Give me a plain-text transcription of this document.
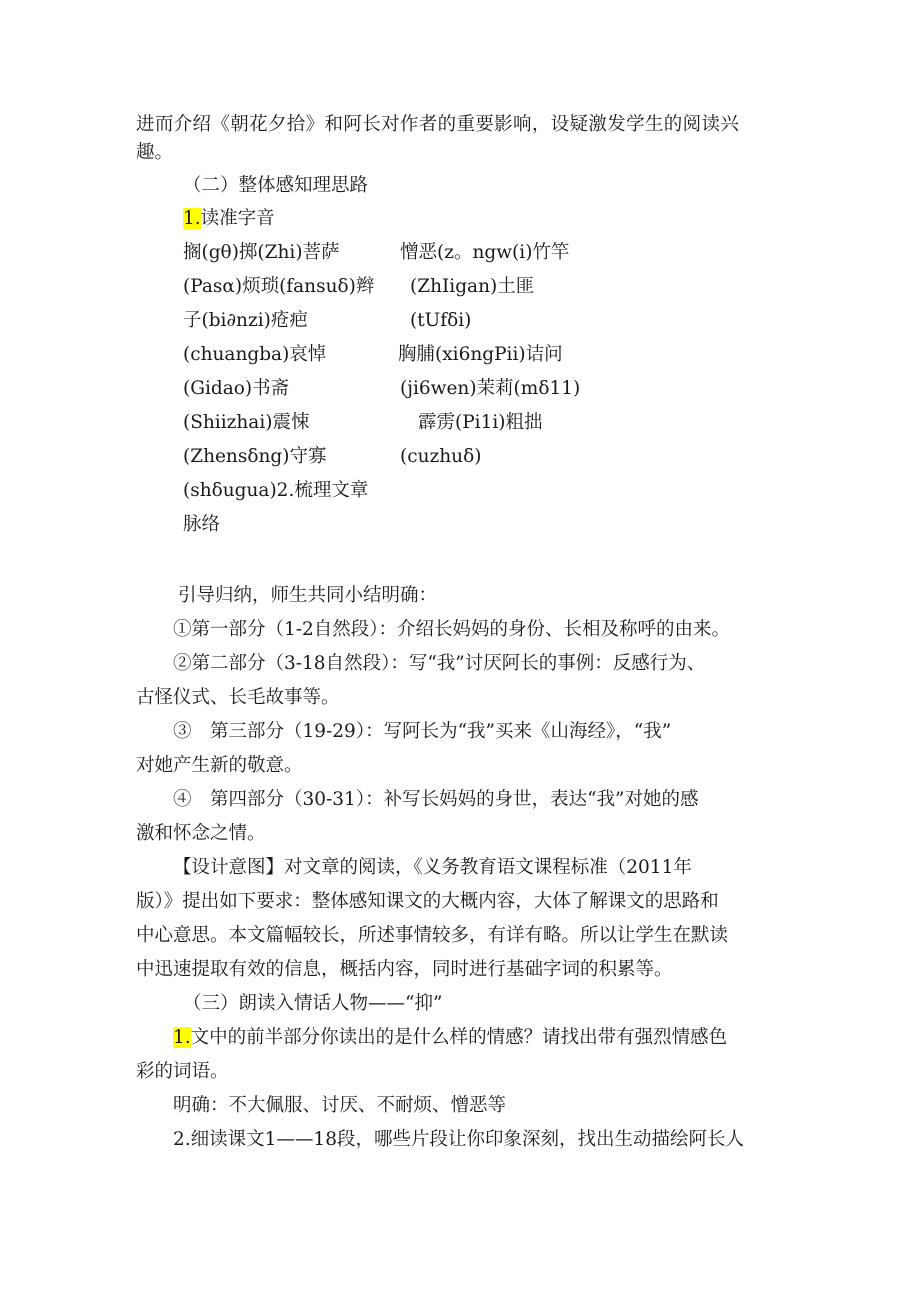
进而介绍《朝花夕拾》和阿长对作者的重要影响，设疑激发学生的阅读兴
趣。
（二）整体感知理思路
1.读准字音
搁(gθ)掷(Zhi)菩萨
(Pasα)烦琐(fansuδ)辫
子(bi∂nzi)疮疤
(chuangba)哀悼
(Gidao)书斋
(Shiizhai)震悚
(Zhensδng)守寡
(shδugua)2.梳理文章
脉络
憎恶(z。ngw(i)竹竿
(ZhIigan)土匪
(tUfδi)
胸脯(xi6ngPii)诘问
(ji6wen)茉莉(mδ11)
霹雳(Pi1i)粗拙
(cuzhuδ)
引导归纳，师生共同小结明确：
①第一部分（1-2自然段）：介绍长妈妈的身份、长相及称呼的由来。
②第二部分（3-18自然段）：写“我”讨厌阿长的事例：反感行为、
古怪仪式、长毛故事等。
③　第三部分（19-29）：写阿长为“我”买来《山海经》，“我”
对她产生新的敬意。
④　第四部分（30-31）：补写长妈妈的身世，表达“我”对她的感
激和怀念之情。
【设计意图】对文章的阅读，《义务教育语文课程标准（2011年
版）》提出如下要求：整体感知课文的大概内容，大体了解课文的思路和
中心意思。本文篇幅较长，所述事情较多，有详有略。所以让学生在默读
中迅速提取有效的信息，概括内容，同时进行基础字词的积累等。
（三）朗读入情话人物——“抑”
1.文中的前半部分你读出的是什么样的情感？请找出带有强烈情感色
彩的词语。
明确：不大佩服、讨厌、不耐烦、憎恶等
2.细读课文1——18段，哪些片段让你印象深刻，找出生动描绘阿长人
